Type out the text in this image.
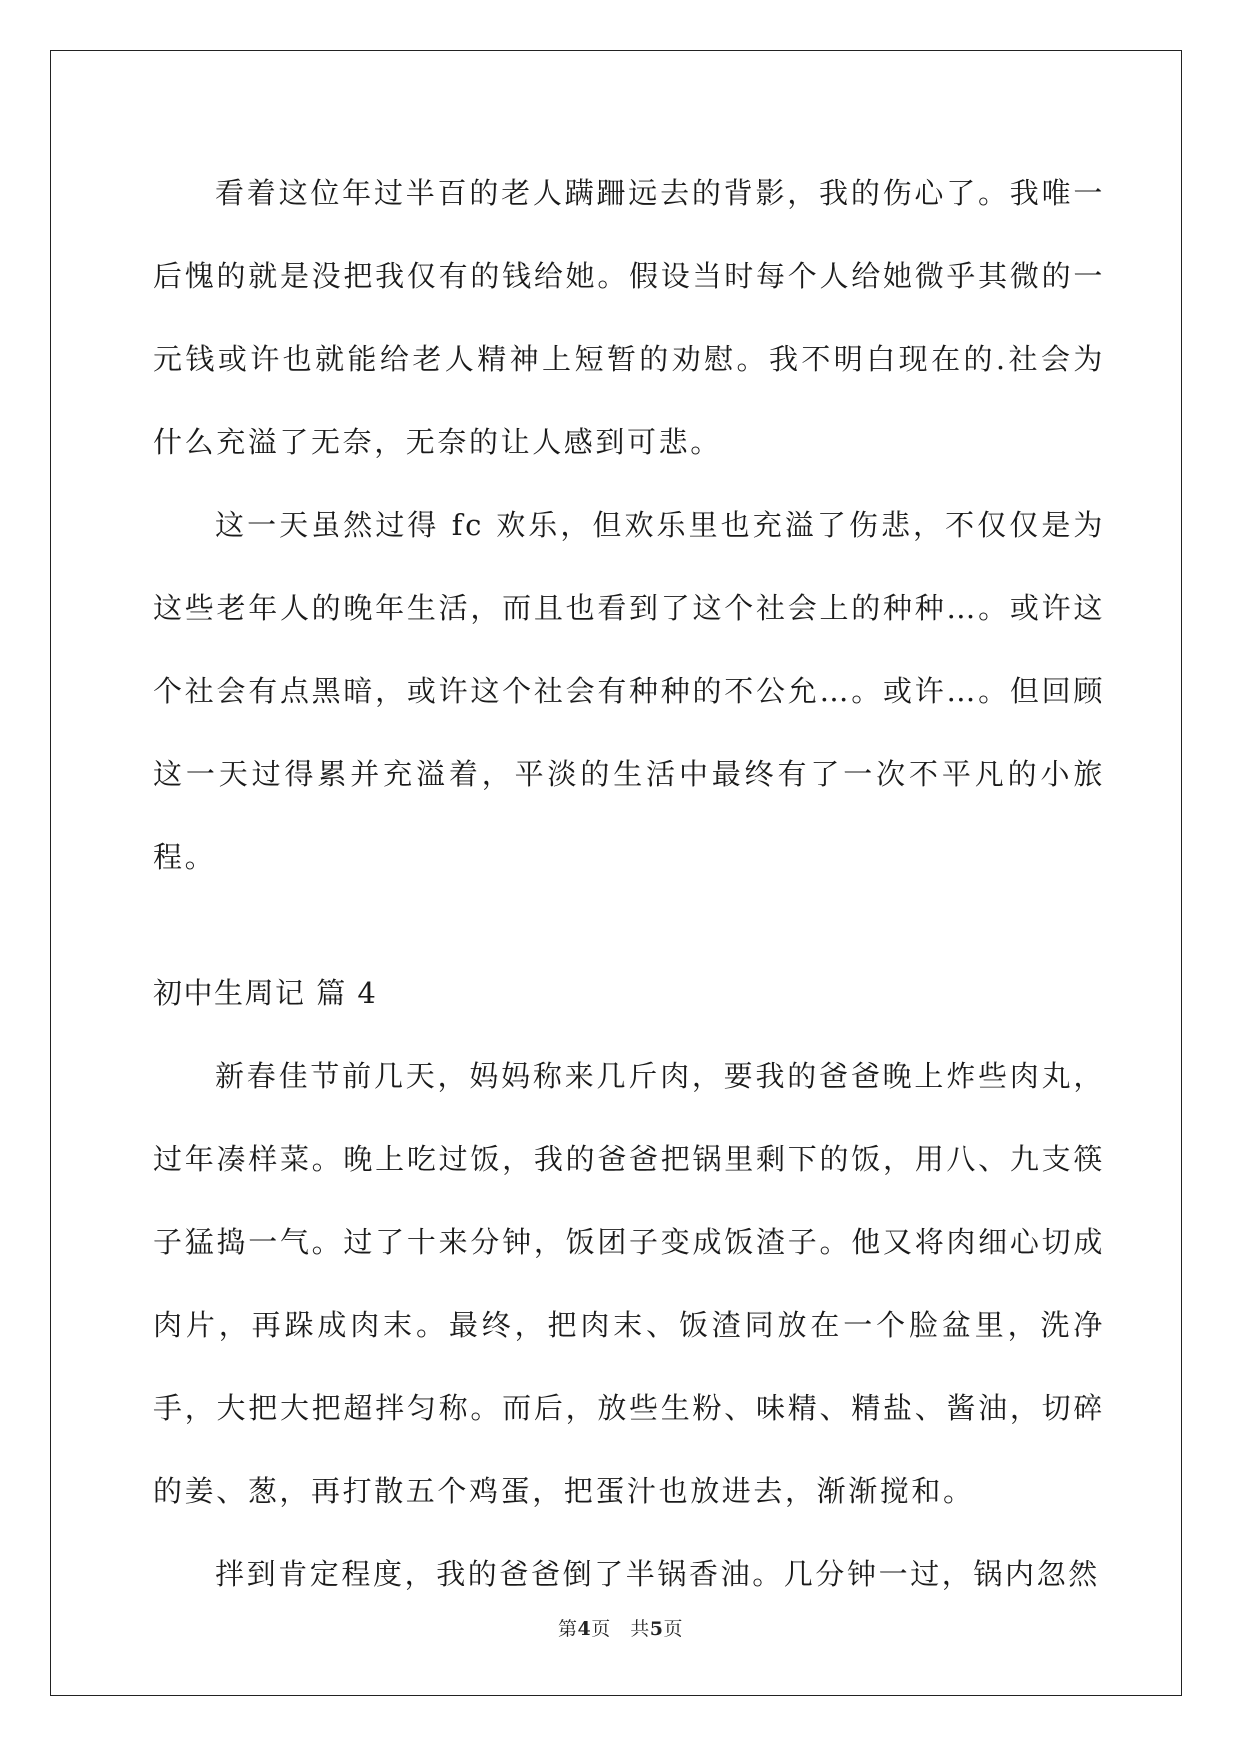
看着这位年过半百的老人蹒跚远去的背影，我的伤心了。我唯一后愧的就是没把我仅有的钱给她。假设当时每个人给她微乎其微的一元钱或许也就能给老人精神上短暂的劝慰。我不明白现在的.社会为什么充溢了无奈，无奈的让人感到可悲。

这一天虽然过得 fc 欢乐，但欢乐里也充溢了伤悲，不仅仅是为这些老年人的晚年生活，而且也看到了这个社会上的种种…。或许这个社会有点黑暗，或许这个社会有种种的不公允…。或许…。但回顾这一天过得累并充溢着，平淡的生活中最终有了一次不平凡的小旅程。

初中生周记 篇 4

新春佳节前几天，妈妈称来几斤肉，要我的爸爸晚上炸些肉丸，过年凑样菜。晚上吃过饭，我的爸爸把锅里剩下的饭，用八、九支筷子猛捣一气。过了十来分钟，饭团子变成饭渣子。他又将肉细心切成肉片，再跺成肉末。最终，把肉末、饭渣同放在一个脸盆里，洗净手，大把大把超拌匀称。而后，放些生粉、味精、精盐、酱油，切碎的姜、葱，再打散五个鸡蛋，把蛋汁也放进去，渐渐搅和。

拌到肯定程度，我的爸爸倒了半锅香油。几分钟一过，锅内忽然

第4页　共5页
